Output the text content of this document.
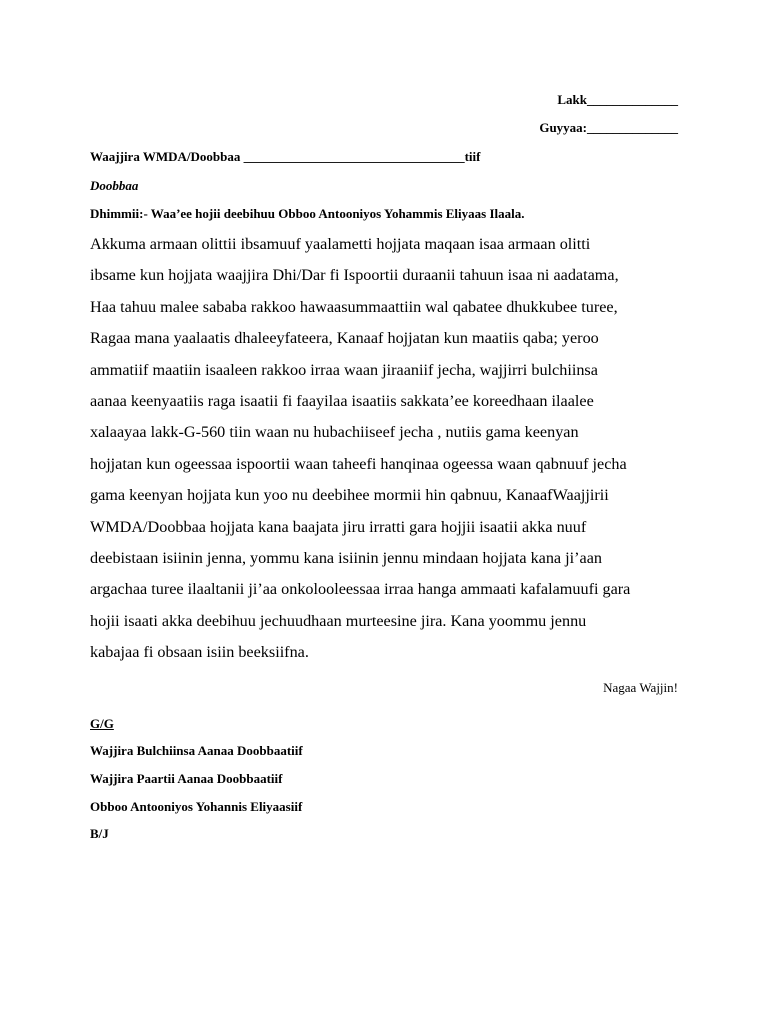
Lakk______________
Guyyaa:______________
Waajjira WMDA/Doobbaa __________________________________tiif
Doobbaa
Dhimmii:- Waa’ee hojii deebihuu Obboo Antooniyos Yohammis Eliyaas Ilaala.

Akkuma armaan olittii ibsamuuf yaalametti hojjata maqaan isaa armaan olitti
ibsame kun hojjata waajjira Dhi/Dar fi Ispoortii duraanii tahuun isaa ni aadatama,
Haa tahuu malee sababa rakkoo hawaasummaattiin wal qabatee dhukkubee turee,
Ragaa mana yaalaatis dhaleeyfateera, Kanaaf hojjatan kun maatiis qaba; yeroo
ammatiif maatiin isaaleen rakkoo irraa waan jiraaniif jecha, wajjirri bulchiinsa
aanaa keenyaatiis raga isaatii fi faayilaa isaatiis sakkata’ee koreedhaan ilaalee
xalaayaa lakk-G-560 tiin waan nu hubachiiseef jecha , nutiis gama keenyan
hojjatan kun ogeessaa ispoortii waan taheefi hanqinaa ogeessa waan qabnuuf jecha
gama keenyan hojjata kun yoo nu deebihee mormii hin qabnuu, KanaafWaajjirii
WMDA/Doobbaa hojjata kana baajata jiru irratti gara hojjii isaatii akka nuuf
deebistaan isiinin jenna, yommu kana isiinin jennu mindaan hojjata kana ji’aan
argachaa turee ilaaltanii ji’aa onkolooleessaa irraa hanga ammaati kafalamuufi gara
hojii isaati akka deebihuu jechuudhaan murteesine jira. Kana yoommu jennu
kabajaa fi obsaan isiin beeksiifna.

Nagaa Wajjin!
G/G
Wajjira Bulchiinsa Aanaa Doobbaatiif
Wajjira Paartii Aanaa Doobbaatiif
Obboo Antooniyos Yohannis Eliyaasiif
B/J
